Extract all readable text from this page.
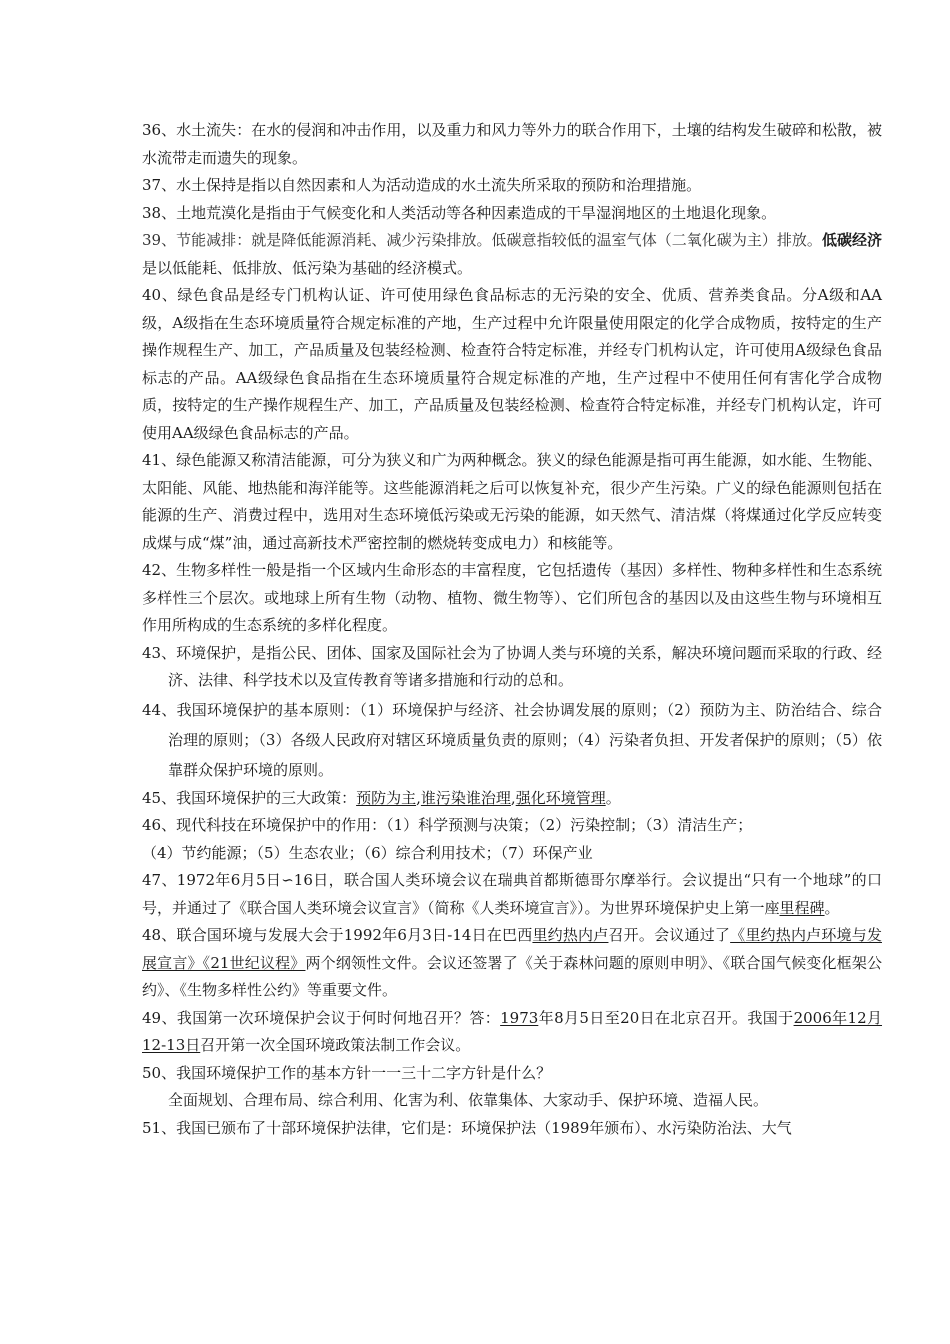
36、水土流失：在水的侵润和冲击作用，以及重力和风力等外力的联合作用下，土壤的结构发生破碎和松散，被水流带走而遗失的现象。

37、水土保持是指以自然因素和人为活动造成的水土流失所采取的预防和治理措施。

38、土地荒漠化是指由于气候变化和人类活动等各种因素造成的干旱湿润地区的土地退化现象。

39、节能减排：就是降低能源消耗、减少污染排放。低碳意指较低的温室气体（二氧化碳为主）排放。低碳经济是以低能耗、低排放、低污染为基础的经济模式。

40、绿色食品是经专门机构认证、许可使用绿色食品标志的无污染的安全、优质、营养类食品。分A级和AA级，A级指在生态环境质量符合规定标准的产地，生产过程中允许限量使用限定的化学合成物质，按特定的生产操作规程生产、加工，产品质量及包装经检测、检查符合特定标准，并经专门机构认定，许可使用A级绿色食品标志的产品。AA级绿色食品指在生态环境质量符合规定标准的产地，生产过程中不使用任何有害化学合成物质，按特定的生产操作规程生产、加工，产品质量及包装经检测、检查符合特定标准，并经专门机构认定，许可使用AA级绿色食品标志的产品。

41、绿色能源又称清洁能源，可分为狭义和广为两种概念。狭义的绿色能源是指可再生能源，如水能、生物能、太阳能、风能、地热能和海洋能等。这些能源消耗之后可以恢复补充，很少产生污染。广义的绿色能源则包括在能源的生产、消费过程中，选用对生态环境低污染或无污染的能源，如天然气、清洁煤（将煤通过化学反应转变成煤与成“煤”油，通过高新技术严密控制的燃烧转变成电力）和核能等。

42、生物多样性一般是指一个区域内生命形态的丰富程度，它包括遗传（基因）多样性、物种多样性和生态系统多样性三个层次。或地球上所有生物（动物、植物、微生物等）、它们所包含的基因以及由这些生物与环境相互作用所构成的生态系统的多样化程度。

43、环境保护，是指公民、团体、国家及国际社会为了协调人类与环境的关系，解决环境问题而采取的行政、经济、法律、科学技术以及宣传教育等诸多措施和行动的总和。

44、我国环境保护的基本原则：（1）环境保护与经济、社会协调发展的原则；（2）预防为主、防治结合、综合治理的原则；（3）各级人民政府对辖区环境质量负责的原则；（4）污染者负担、开发者保护的原则；（5）依靠群众保护环境的原则。

45、我国环境保护的三大政策：预防为主,谁污染谁治理,强化环境管理。

46、现代科技在环境保护中的作用：（1）科学预测与决策；（2）污染控制；（3）清洁生产；
（4）节约能源；（5）生态农业；（6）综合利用技术；（7）环保产业

47、1972年6月5日∽16日，联合国人类环境会议在瑞典首都斯德哥尔摩举行。会议提出“只有一个地球”的口号，并通过了《联合国人类环境会议宣言》（简称《人类环境宣言》）。为世界环境保护史上第一座里程碑。

48、联合国环境与发展大会于1992年6月3日-14日在巴西里约热内卢召开。会议通过了《里约热内卢环境与发展宣言》《21世纪议程》两个纲领性文件。会议还签署了《关于森林问题的原则申明》、《联合国气候变化框架公约》、《生物多样性公约》等重要文件。

49、我国第一次环境保护会议于何时何地召开？答：1973年8月5日至20日在北京召开。我国于2006年12月12-13日召开第一次全国环境政策法制工作会议。

50、我国环境保护工作的基本方针一一三十二字方针是什么？

全面规划、合理布局、综合利用、化害为利、依靠集体、大家动手、保护环境、造福人民。

51、我国已颁布了十部环境保护法律，它们是：环境保护法（1989年颁布）、水污染防治法、大气
